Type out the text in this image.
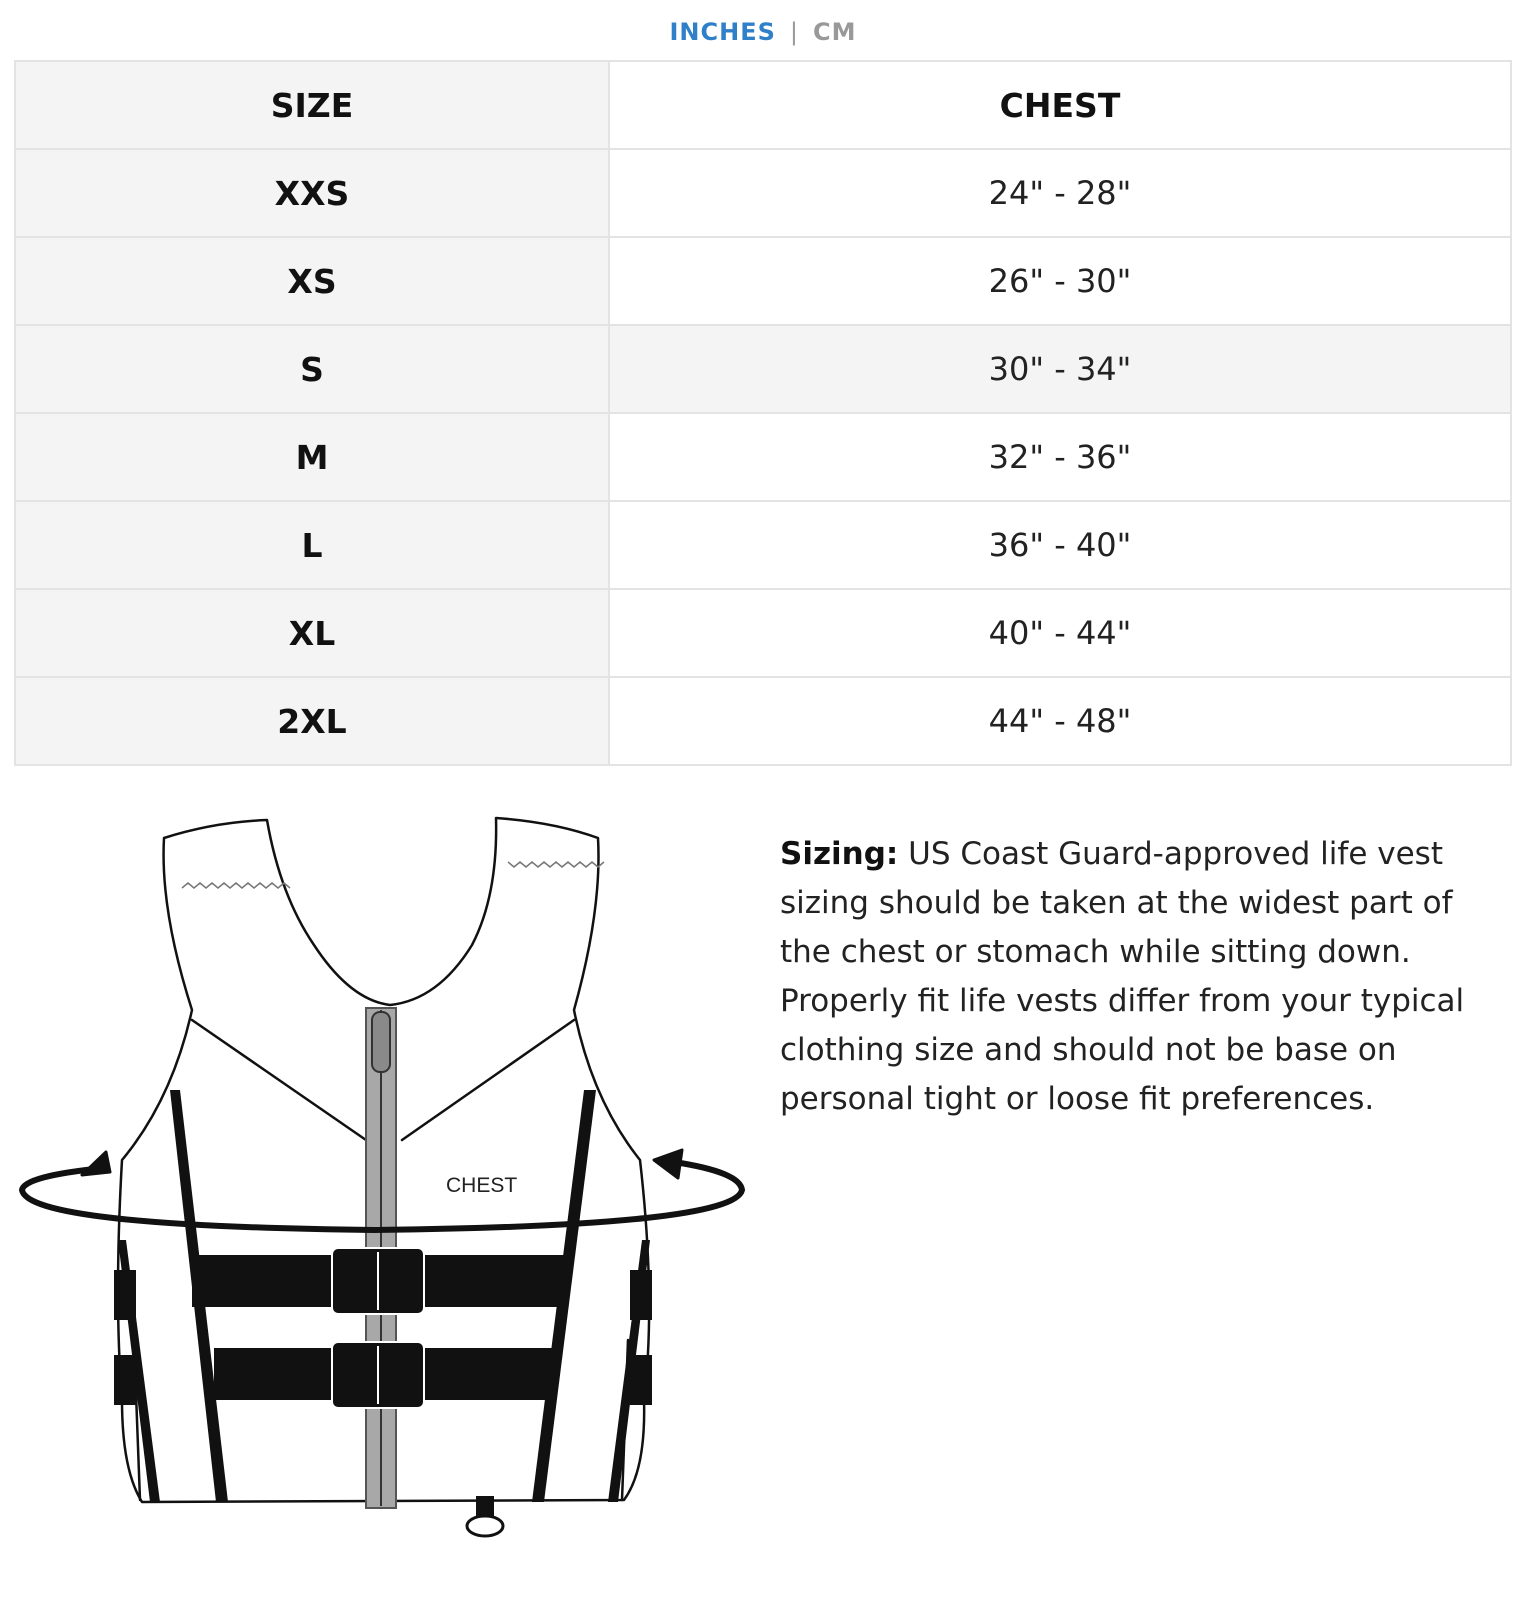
INCHES | CM
SIZE	CHEST
XXS	24" - 28"
XS	26" - 30"
S	30" - 34"
M	32" - 36"
L	36" - 40"
XL	40" - 44"
2XL	44" - 48"
CHEST

Sizing: US Coast Guard-approved life vest sizing should be taken at the widest part of the chest or stomach while sitting down. Properly fit life vests differ from your typical clothing size and should not be base on personal tight or loose fit preferences.
